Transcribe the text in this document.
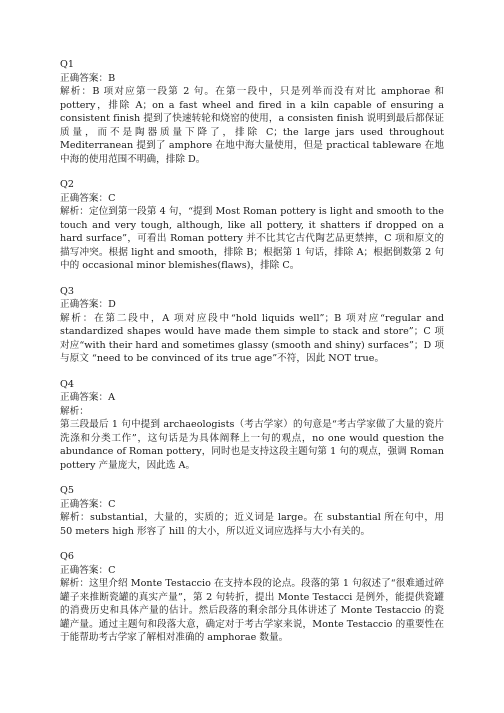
Q1
正确答案：B
解析：B 项对应第一段第 2 句。在第一段中，只是列举而没有对比 amphorae 和 pottery，排除 A；on a fast wheel and fired in a kiln capable of ensuring a consistent finish 提到了快速转轮和烧窑的使用，a consisten finish 说明到最后都保证质量，而不是陶器质量下降了，排除 C；the large jars used throughout Mediterranean 提到了 amphore 在地中海大量使用，但是 practical tableware 在地中海的使用范围不明确，排除 D。
Q2
正确答案：C
解析：定位到第一段第 4 句，“提到 Most Roman pottery is light and smooth to the touch and very tough, although, like all pottery, it shatters if dropped on a hard surface”，可看出 Roman pottery 并不比其它古代陶艺品更禁摔，C 项和原文的描写冲突。根据 light and smooth，排除 B；根据第 1 句话，排除 A；根据倒数第 2 句中的 occasional minor blemishes(flaws)，排除 C。
Q3
正确答案：D
解析：在第二段中，A 项对应段中“hold liquids well”；B 项对应“regular and standardized shapes would have made them simple to stack and store”；C 项对应“with their hard and sometimes glassy (smooth and shiny) surfaces”；D 项与原文 “need to be convinced of its true age”不符，因此 NOT true。
Q4
正确答案：A
解析：
第三段最后 1 句中提到 archaeologists（考古学家）的句意是“考古学家做了大量的瓷片洗涤和分类工作”，这句话是为具体阐释上一句的观点，no one would question the abundance of Roman pottery，同时也是支持这段主题句第 1 句的观点，强调 Roman pottery 产量庞大，因此选 A。
Q5
正确答案：C
解析：substantial，大量的，实质的；近义词是 large。在 substantial 所在句中，用 50 meters high 形容了 hill 的大小，所以近义词应选择与大小有关的。
Q6
正确答案：C
解析：这里介绍 Monte Testaccio 在支持本段的论点。段落的第 1 句叙述了“很难通过碎罐子来推断瓷罐的真实产量”，第 2 句转折，提出 Monte Testacci 是例外，能提供瓷罐的消费历史和具体产量的估计。然后段落的剩余部分具体讲述了 Monte Testaccio 的瓷罐产量。通过主题句和段落大意，确定对于考古学家来说，Monte Testaccio 的重要性在于能帮助考古学家了解相对准确的 amphorae 数量。
